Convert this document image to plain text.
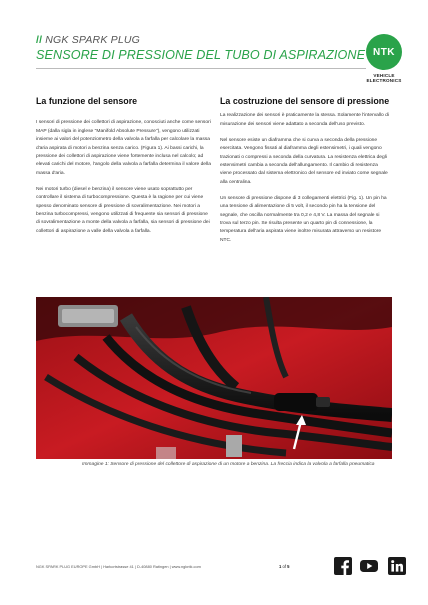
// NGK SPARK PLUG
SENSORE DI PRESSIONE DEL TUBO DI ASPIRAZIONE NTK
VEHICLE
ELECTRONICS
La funzione del sensore

I sensori di pressione dei collettori di aspirazione, conosciuti anche come sensori MAP (dalla sigla in inglese "Manifold Absolute Pressure"), vengono utilizzati insieme ai valori del potenziometro della valvola a farfalla per calcolare la massa d'aria aspirata di motori a benzina senza carico. (Figura 1). Ai bassi carichi, la pressione dei collettori di aspirazione viene fortemente inclusa nel calcolo; ad elevati carichi del motore, l'angolo della valvola a farfalla determina il valore della massa d'aria.

Nei motori turbo (diesel e benzina) il sensore viene usato soprattutto per controllare il sistema di turbocompressione. Questa è la ragione per cui viene spesso denominato sensore di pressione di sovralimentazione. Nei motori a benzina turbocompressi, vengono utilizzati di frequente sia sensori di pressione di sovralimentazione a monte della valvola a farfalla, sia sensori di pressione dei collettori di aspirazione a valle della valvola a farfalla.

La costruzione del sensore di pressione

La realizzazione dei sensori è praticamente la stessa. Solamente l'intervallo di misurazione dei sensori viene adattato a seconda dell'uso previsto.

Nel sensore esiste un diaframma che si curva a seconda della pressione esercitata. Vengono fissati al diaframma degli estensimetri, i quali vengono trazionati o compressi a seconda della curvatura. La resistenza elettrica degli estensimetri cambia a seconda dell'allungamento. Il cambio di resistenza viene processato dal sistema elettronico del sensore ed inviato come segnale alla centralina.

Un sensore di pressione dispone di 3 collegamenti elettrici (Fig. 1). Un pin ha una tensione di alimentazione di 5 volt, il secondo pin ha la tensione del segnale, che oscilla normalmente tra 0,2 e 4,8 V. La massa del segnale si trova sul terzo pin. Se risulta presente un quarto pin di connessione, la temperatura dell'aria aspirata viene inoltre misurata attraverso un resistore NTC.

Immagine 1: Sensore di pressione del collettore di aspirazione di un motore a benzina. La freccia indica la valvola a farfalla pneumatica
NGK SPARK PLUG EUROPE GmbH | Harkortstrasse 41 | D-40880 Ratingen | www.ngkntk.com	1 of 5
